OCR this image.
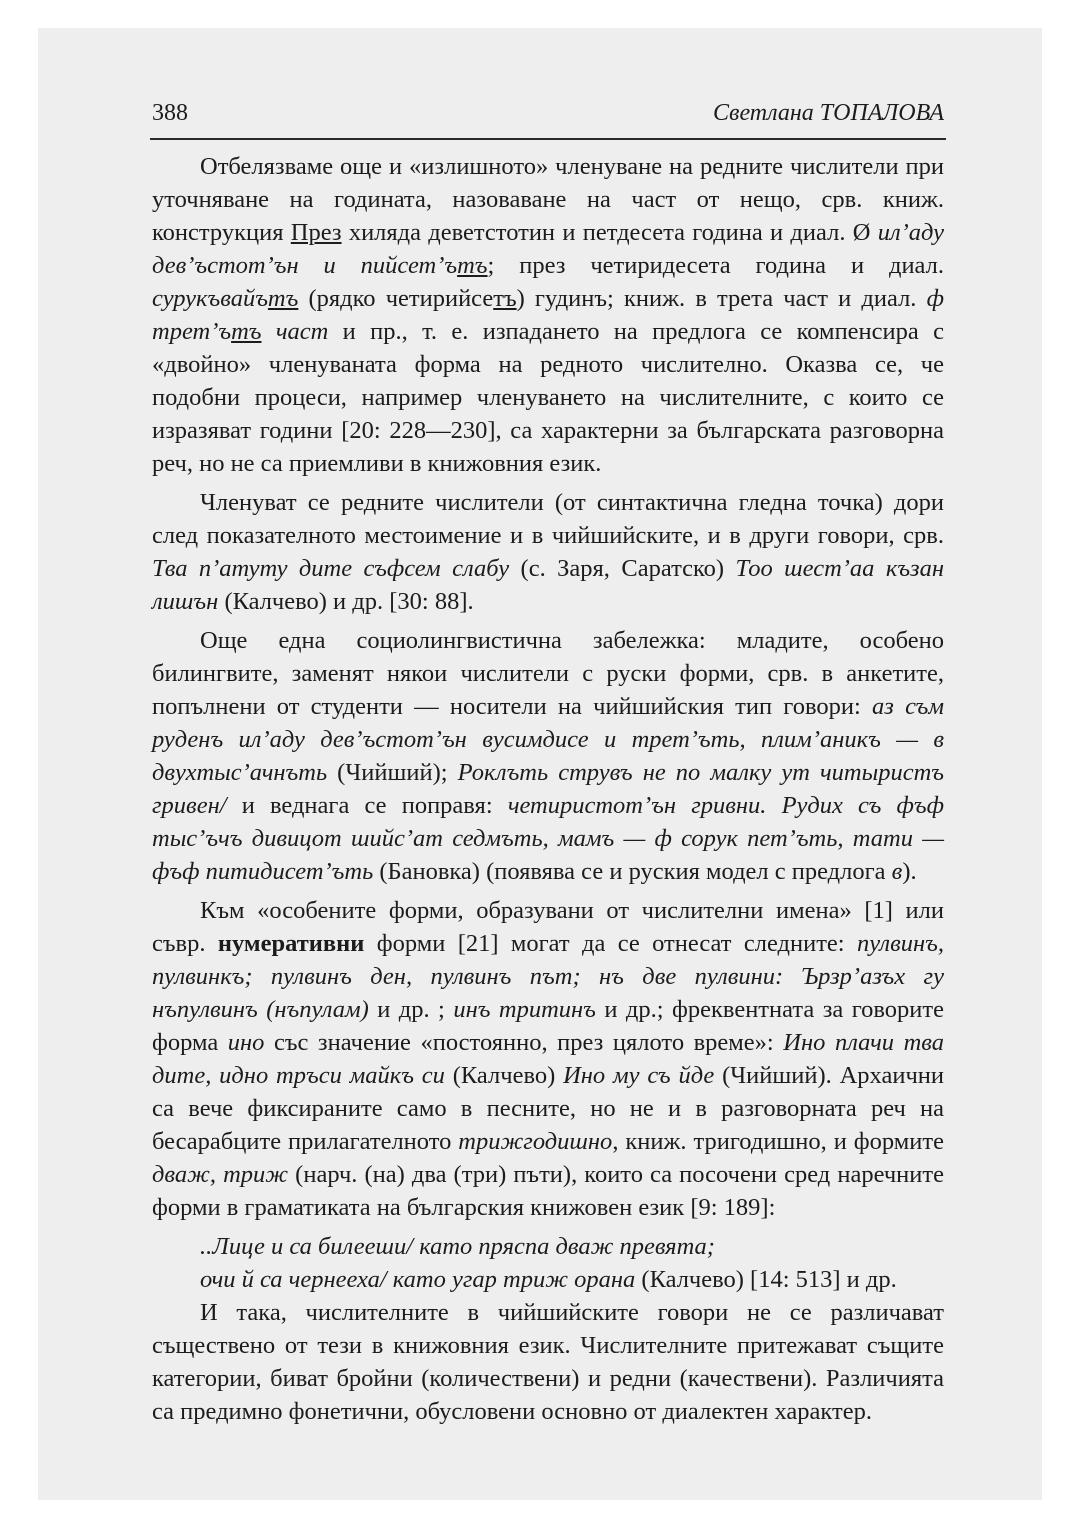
388	Светлана ТОПАЛОВА

Отбелязваме още и «излишното» членуване на редните числители при уточняване на годината, назоваване на част от нещо, срв. книж. конструкция През хиляда деветстотин и петдесета година и диал. Ø ил’аду дев’ъстот’ън и пийсет’ътъ; през четиридесета година и диал. сурукъвайътъ (рядко четирийсетъ) гудинъ; книж. в трета част и диал. ф трет’ътъ част и пр., т. е. изпадането на предлога се компенсира с «двойно» членуваната форма на редното числително. Оказва се, че подобни процеси, например членуването на числителните, с които се изразяват години [20: 228—230], са характерни за българската разговорна реч, но не са приемливи в книжовния език.

Членуват се редните числители (от синтактична гледна точка) дори след показателното местоимение и в чийшийските, и в други говори, срв. Тва п’атуту дите съфсем слабу (с. Заря, Саратско) Тоо шест’аа къзан лишън (Калчево) и др. [30: 88].

Още една социолингвистична забележка: младите, особено билингвите, заменят някои числители с руски форми, срв. в анкетите, попълнени от студенти — носители на чийшийския тип говори: аз съм руденъ ил’аду дев’ъстот’ън вусимдисе и трет’ъть, плим’аникъ — в двухтыс’ачнъть (Чийший); Роклъть струвъ не по малку ут читыристъ гривен/ и веднага се поправя: четиристот’ън гривни. Рудих съ фъф тыс’ъчъ дивицот шийс’ат седмъть, мамъ — ф сорук пет’ъть, тати — фъф питидисет’ъть (Бановка) (появява се и руския модел с предлога в).

Към «особените форми, образувани от числителни имена» [1] или съвр. нумеративни форми [21] могат да се отнесат следните: пулвинъ, пулвинкъ; пулвинъ ден, пулвинъ път; нъ две пулвини: Ързр’азъх гу нъпулвинъ (нъпулам) и др. ; инъ тритинъ и др.; фреквентната за говорите форма ино със значение «постоянно, през цялото време»: Ино плачи тва дите, идно тръси майкъ си (Калчево) Ино му съ йде (Чийший). Архаични са вече фиксираните само в песните, но не и в разговорната реч на бесарабците прилагателното трижгодишно, книж. тригодишно, и формите дваж, триж (нарч. (на) два (три) пъти), които са посочени сред наречните форми в граматиката на българския книжовен език [9: 189]:

..Лице и са билееши/ като пряспа дваж превята;

очи й са чернееха/ като угар триж орана (Калчево) [14: 513] и др.

И така, числителните в чийшийските говори не се различават съществено от тези в книжовния език. Числителните притежават същите категории, биват бройни (количествени) и редни (качествени). Различията са предимно фонетични, обусловени основно от диалектен характер.
